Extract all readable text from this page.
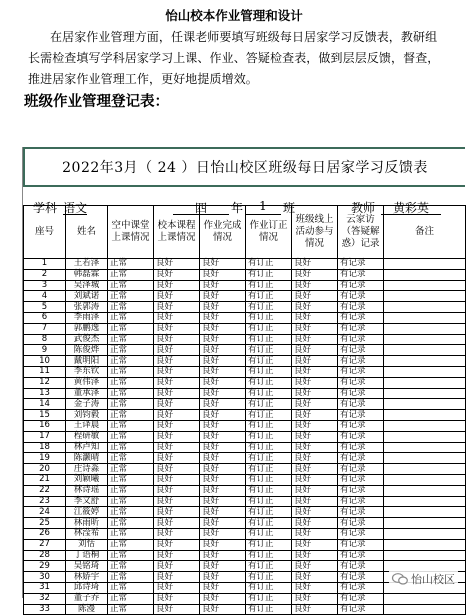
怡山校本作业管理和设计
在居家作业管理方面，任课老师要填写班级每日居家学习反馈表，教研组长需检查填写学科居家学习上课、作业、答疑检查表，做到层层反馈，督查，推进居家作业管理工作，更好地提质增效。
班级作业管理登记表：
2022年3月（ 24 ）日怡山校区班级每日居家学习反馈表
学科 语文	四	年	1	班	教师	黄彩英
座号	姓名	空中课堂上课情况	校本课程上课情况	作业完成情况	作业订正情况	班级线上活动参与情况	云家访（答疑解惑）记录	备注
1	王若泽	正常	良好	良好	有订正	良好	有记录	
2	韩磊霖	正常	良好	良好	有订正	良好	有记录	
3	吴泽城	正常	良好	良好	有订正	良好	有记录	
4	刘斌诺	正常	良好	良好	有订正	良好	有记录	
5	张郭涛	正常	良好	良好	有订正	良好	有记录	
6	李雨泽	正常	良好	良好	有订正	良好	有记录	
7	郭鹏逸	正常	良好	良好	有订正	良好	有记录	
8	武俊杰	正常	良好	良好	有订正	良好	有记录	
9	陈俊烨	正常	良好	良好	有订正	良好	有记录	
10	戴明阳	正常	良好	良好	有订正	良好	有记录	
11	李东钦	正常	良好	良好	有订正	良好	有记录	
12	黄伟泽	正常	良好	良好	有订正	良好	有记录	
13	董承泽	正常	良好	良好	有订正	良好	有记录	
14	金子涛	正常	良好	良好	有订正	良好	有记录	
15	刘钧毅	正常	良好	良好	有订正	良好	有记录	
16	王译晨	正常	良好	良好	有订正	良好	有记录	
17	程研敏	正常	良好	良好	有订正	良好	有记录	
18	林卢知	正常	良好	良好	有订正	良好	有记录	
19	陈灏晴	正常	良好	良好	有订正	良好	有记录	
20	庄诗淼	正常	良好	良好	有订正	良好	有记录	
21	刘颖曦	正常	良好	良好	有订正	良好	有记录	
22	林诗瑶	正常	良好	良好	有订正	良好	有记录	
23	李文舒	正常	良好	良好	有订正	良好	有记录	
24	江筱婷	正常	良好	良好	有订正	良好	有记录	
25	林雨昕	正常	良好	良好	有订正	良好	有记录	
26	林滢希	正常	良好	良好	有订正	良好	有记录	
27	刘恬	正常	良好	良好	有订正	良好	有记录	
28	丁语桐	正常	良好	良好	有订正	良好	有记录	
29	吴铭琦	正常	良好	良好	有订正	良好	有记录	
30	林娇宇	正常	良好	良好	有订正	良好	有记录	
31	邱诗琦	正常	良好	良好	有订正	良好	有记录	
32	董子乔	正常	良好	良好	有订正	良好	有记录	
33	陈漫	正常	良好	良好	有订正	良好	有记录	
怡山校区
